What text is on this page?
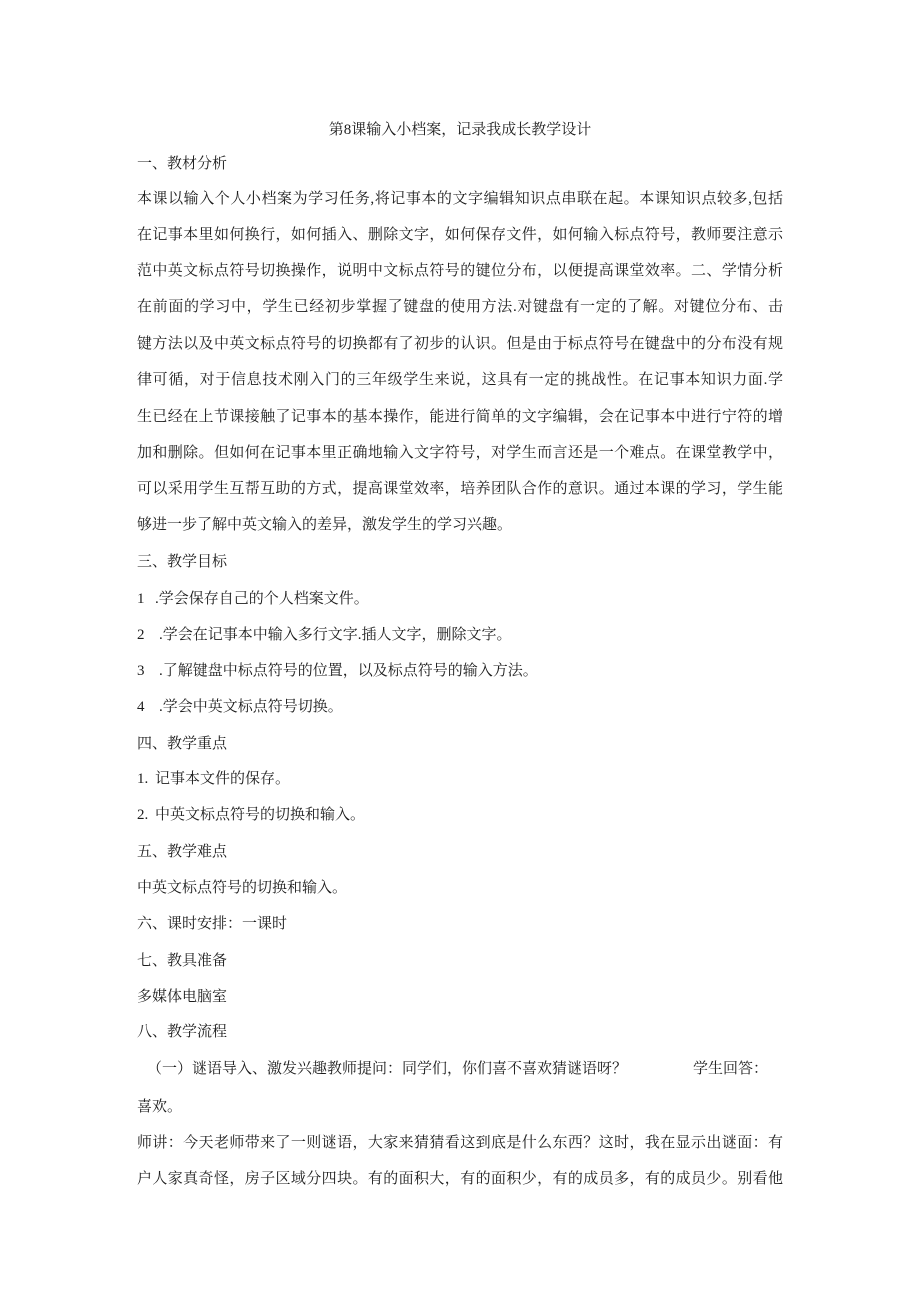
第8课输入小档案，记录我成长教学设计
一、教材分析
本课以输入个人小档案为学习任务,将记事本的文字编辑知识点串联在起。本课知识点较多,包括
在记事本里如何换行，如何插入、删除文字，如何保存文件，如何输入标点符号，教师要注意示
范中英文标点符号切换操作，说明中文标点符号的键位分布，以便提高课堂效率。二、学情分析
在前面的学习中，学生已经初步掌握了键盘的使用方法.对键盘有一定的了解。对键位分布、击
键方法以及中英文标点符号的切换都有了初步的认识。但是由于标点符号在键盘中的分布没有规
律可循，对于信息技术刚入门的三年级学生来说，这具有一定的挑战性。在记事本知识力面.学
生已经在上节课接触了记事本的基本操作，能进行简单的文字编辑，会在记事本中进行宁符的增
加和删除。但如何在记事本里正确地输入文字符号，对学生而言还是一个难点。在课堂教学中，
可以采用学生互帮互助的方式，提高课堂效率，培养团队合作的意识。通过本课的学习，学生能
够进一步了解中英文输入的差异，激发学生的学习兴趣。
三、教学目标
1 .学会保存自己的个人档案文件。
2 .学会在记事本中输入多行文字.插人文字，删除文字。
3 .了解键盘中标点符号的位置，以及标点符号的输入方法。
4 .学会中英文标点符号切换。
四、教学重点
1. 记事本文件的保存。
2. 中英文标点符号的切换和输入。
五、教学难点
中英文标点符号的切换和输入。
六、课时安排：一课时
七、教具准备
多媒体电脑室
八、教学流程
（一）谜语导入、激发兴趣教师提问：同学们，你们喜不喜欢猜谜语呀？	学生回答：
喜欢。
师讲：今天老师带来了一则谜语，大家来猜猜看这到底是什么东西？这时，我在显示出谜面：有
户人家真奇怪，房子区域分四块。有的面积大，有的面积少，有的成员多，有的成员少。别看他
